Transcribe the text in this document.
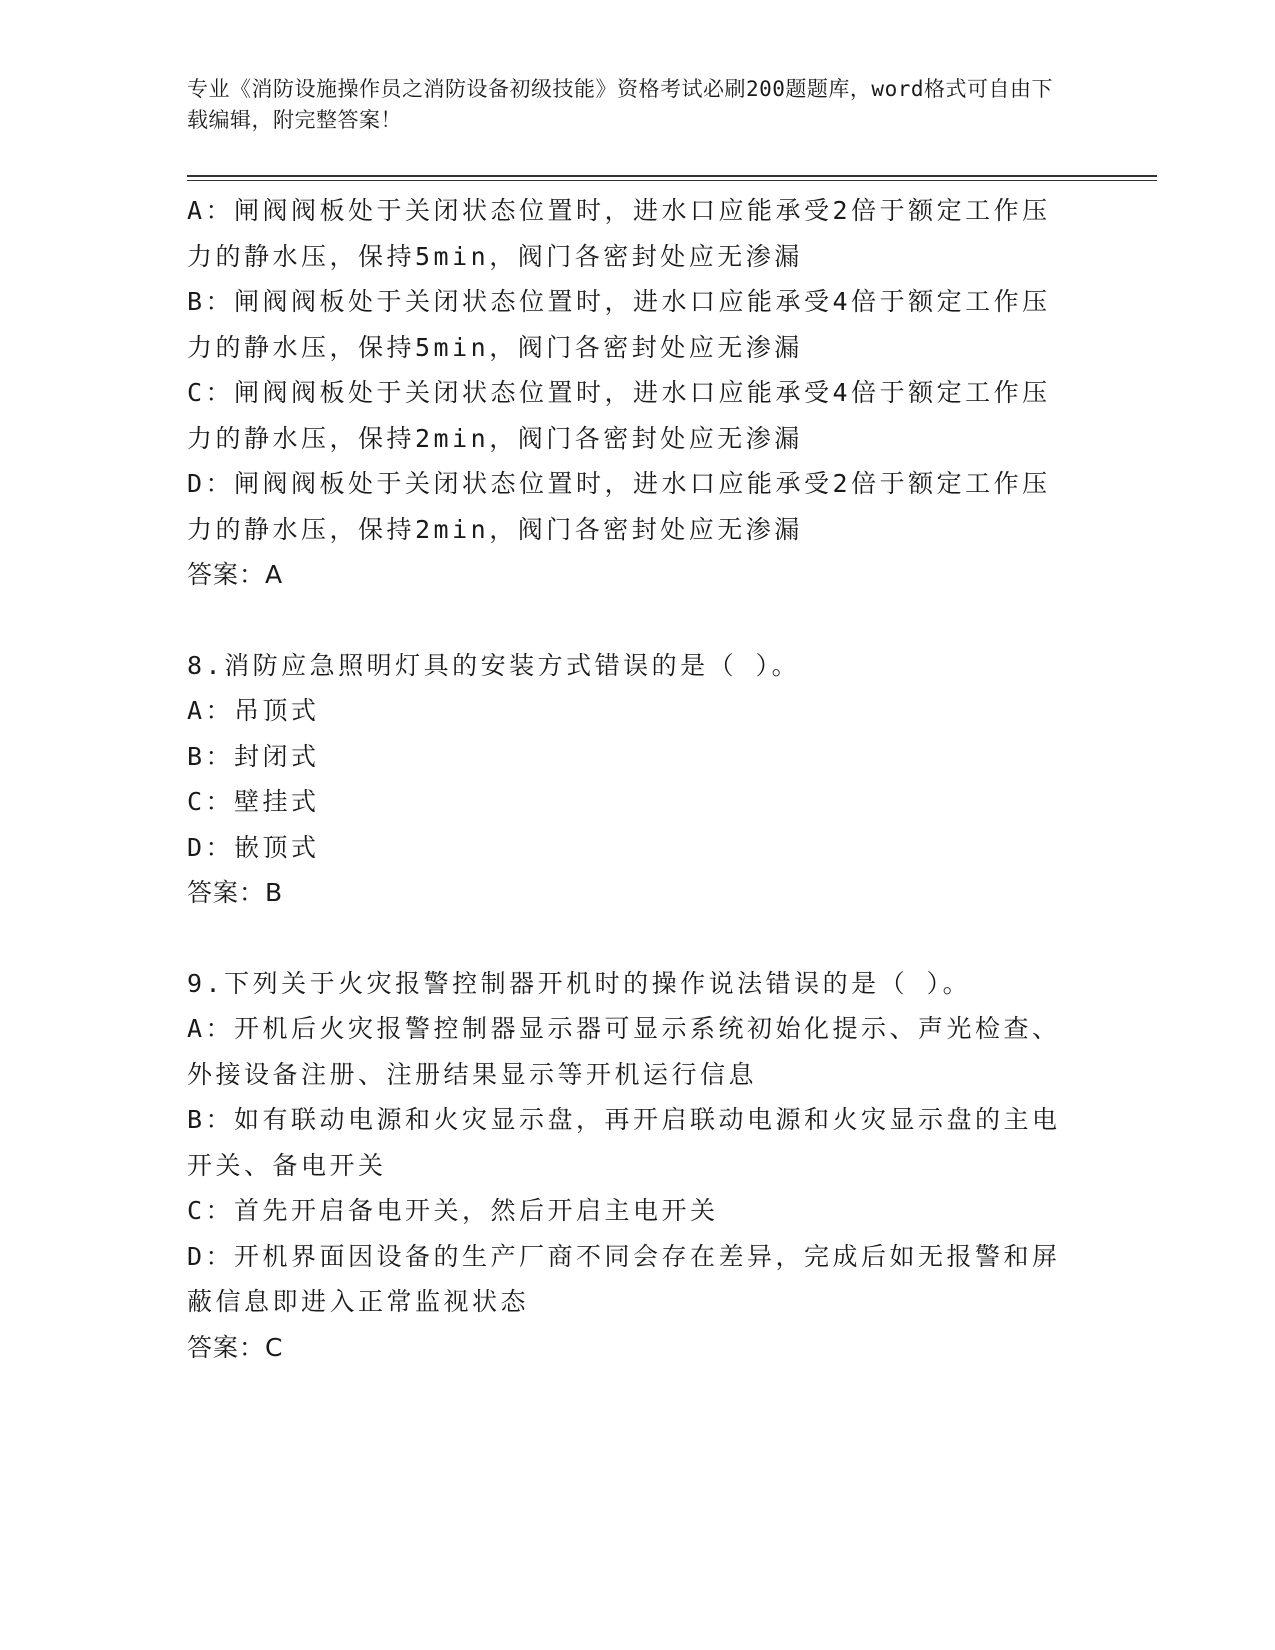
专业《消防设施操作员之消防设备初级技能》资格考试必刷200题题库，word格式可自由下载编辑，附完整答案！
A：闸阀阀板处于关闭状态位置时，进水口应能承受2倍于额定工作压力的静水压，保持5min，阀门各密封处应无渗漏
B：闸阀阀板处于关闭状态位置时，进水口应能承受4倍于额定工作压力的静水压，保持5min，阀门各密封处应无渗漏
C：闸阀阀板处于关闭状态位置时，进水口应能承受4倍于额定工作压力的静水压，保持2min，阀门各密封处应无渗漏
D：闸阀阀板处于关闭状态位置时，进水口应能承受2倍于额定工作压力的静水压，保持2min，阀门各密封处应无渗漏
答案：A
8.消防应急照明灯具的安装方式错误的是（ ）。
A：吊顶式
B：封闭式
C：壁挂式
D：嵌顶式
答案：B
9.下列关于火灾报警控制器开机时的操作说法错误的是（ ）。
A：开机后火灾报警控制器显示器可显示系统初始化提示、声光检查、外接设备注册、注册结果显示等开机运行信息
B：如有联动电源和火灾显示盘，再开启联动电源和火灾显示盘的主电开关、备电开关
C：首先开启备电开关，然后开启主电开关
D：开机界面因设备的生产厂商不同会存在差异，完成后如无报警和屏蔽信息即进入正常监视状态
答案：C
